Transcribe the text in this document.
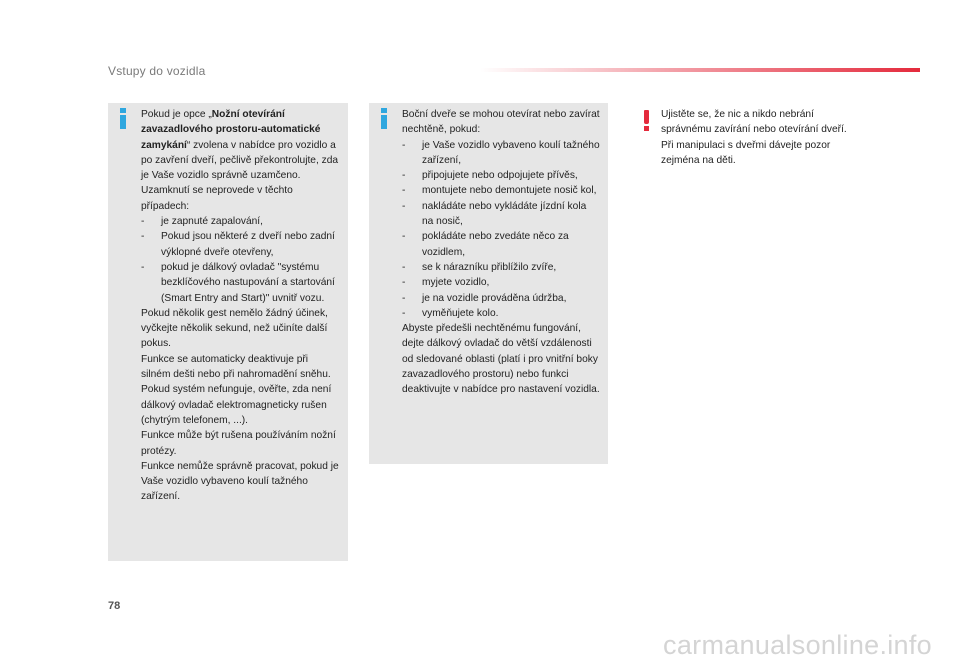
Vstupy do vozidla

Pokud je opce „Nožní otevírání zavazadlového prostoru-automatické zamykání“ zvolena v nabídce pro vozidlo a po zavření dveří, pečlivě překontrolujte, zda je Vaše vozidlo správně uzamčeno.

Uzamknutí se neprovede v těchto případech:

- je zapnuté zapalování,
- Pokud jsou některé z dveří nebo zadní výklopné dveře otevřeny,
- pokud je dálkový ovladač "systému bezklíčového nastupování a startování (Smart Entry and Start)" uvnitř vozu.

Pokud několik gest nemělo žádný účinek, vyčkejte několik sekund, než učiníte další pokus.

Funkce se automaticky deaktivuje při silném dešti nebo při nahromadění sněhu.

Pokud systém nefunguje, ověřte, zda není dálkový ovladač elektromagneticky rušen (chytrým telefonem, ...).

Funkce může být rušena používáním nožní protézy.

Funkce nemůže správně pracovat, pokud je Vaše vozidlo vybaveno koulí tažného zařízení.

Boční dveře se mohou otevírat nebo zavírat nechtěně, pokud:

- je Vaše vozidlo vybaveno koulí tažného zařízení,
- připojujete nebo odpojujete přívěs,
- montujete nebo demontujete nosič kol,
- nakládáte nebo vykládáte jízdní kola na nosič,
- pokládáte nebo zvedáte něco za vozidlem,
- se k nárazníku přiblížilo zvíře,
- myjete vozidlo,
- je na vozidle prováděna údržba,
- vyměňujete kolo.

Abyste předešli nechtěnému fungování, dejte dálkový ovladač do větší vzdálenosti od sledované oblasti (platí i pro vnitřní boky zavazadlového prostoru) nebo funkci deaktivujte v nabídce pro nastavení vozidla.

Ujistěte se, že nic a nikdo nebrání správnému zavírání nebo otevírání dveří.

Při manipulaci s dveřmi dávejte pozor zejména na děti.

78
carmanualsonline.info
